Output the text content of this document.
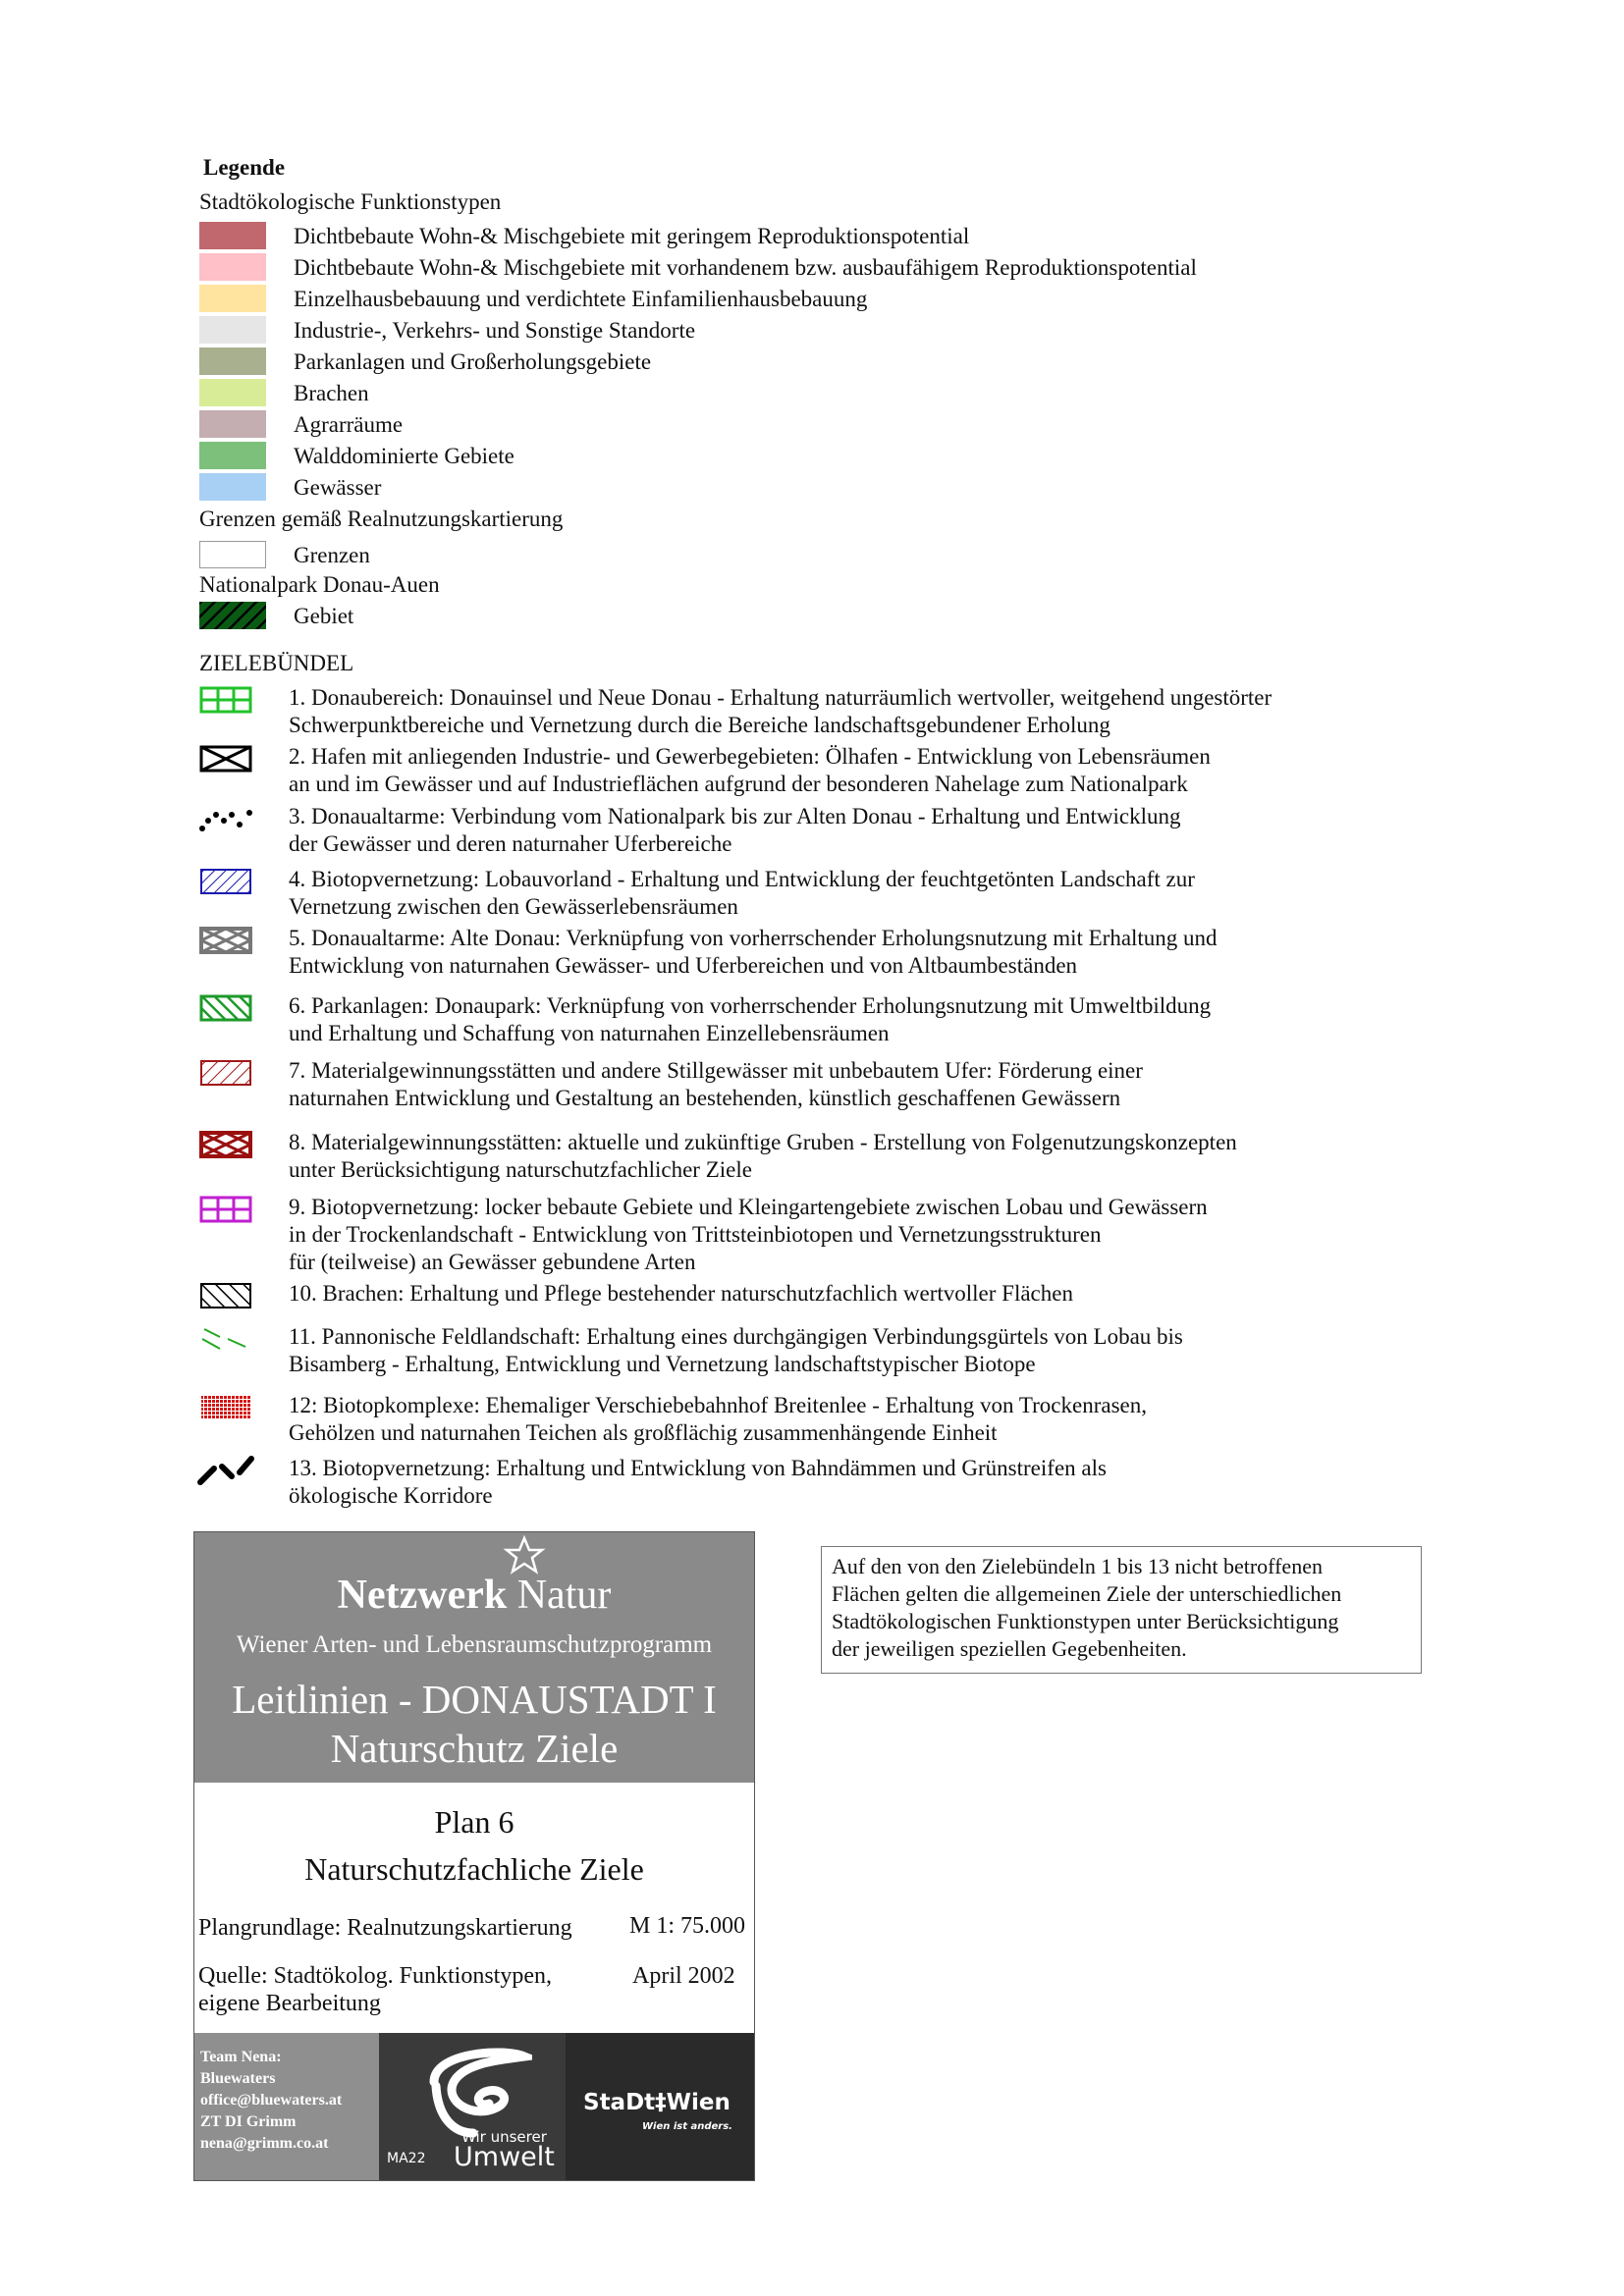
Legende
Stadtökologische Funktionstypen
Dichtbebaute Wohn-& Mischgebiete mit geringem Reproduktionspotential
Dichtbebaute Wohn-& Mischgebiete mit vorhandenem bzw. ausbaufähigem Reproduktionspotential
Einzelhausbebauung und verdichtete Einfamilienhausbebauung
Industrie-, Verkehrs- und Sonstige Standorte
Parkanlagen und Großerholungsgebiete
Brachen
Agrarräume
Walddominierte Gebiete
Gewässer
Grenzen gemäß Realnutzungskartierung
Grenzen
Nationalpark Donau-Auen
Gebiet
ZIELEBÜNDEL
1. Donaubereich: Donauinsel und Neue Donau - Erhaltung naturräumlich wertvoller, weitgehend ungestörter
Schwerpunktbereiche und Vernetzung durch die Bereiche landschaftsgebundener Erholung
2. Hafen mit anliegenden Industrie- und Gewerbegebieten: Ölhafen - Entwicklung von Lebensräumen
an und im Gewässer und auf Industrieflächen aufgrund der besonderen Nahelage zum Nationalpark
3. Donaualtarme: Verbindung vom Nationalpark bis zur Alten Donau - Erhaltung und Entwicklung
der Gewässer und deren naturnaher Uferbereiche
4. Biotopvernetzung: Lobauvorland - Erhaltung und Entwicklung der feuchtgetönten Landschaft zur
Vernetzung zwischen den Gewässerlebensräumen
5. Donaualtarme: Alte Donau: Verknüpfung von vorherrschender Erholungsnutzung mit Erhaltung und
Entwicklung von naturnahen Gewässer- und Uferbereichen und von Altbaumbeständen
6. Parkanlagen: Donaupark: Verknüpfung von vorherrschender Erholungsnutzung mit Umweltbildung
und Erhaltung und Schaffung von naturnahen Einzellebensräumen
7. Materialgewinnungsstätten und andere Stillgewässer mit unbebautem Ufer: Förderung einer
naturnahen Entwicklung und Gestaltung an bestehenden, künstlich geschaffenen Gewässern
8. Materialgewinnungsstätten: aktuelle und zukünftige Gruben - Erstellung von Folgenutzungskonzepten
unter Berücksichtigung naturschutzfachlicher Ziele
9. Biotopvernetzung: locker bebaute Gebiete und Kleingartengebiete zwischen Lobau und Gewässern
in der Trockenlandschaft - Entwicklung von Trittsteinbiotopen und Vernetzungsstrukturen
für (teilweise) an Gewässer gebundene Arten
10. Brachen: Erhaltung und Pflege bestehender naturschutzfachlich wertvoller Flächen
11. Pannonische Feldlandschaft: Erhaltung eines durchgängigen Verbindungsgürtels von Lobau bis
Bisamberg - Erhaltung, Entwicklung und Vernetzung landschaftstypischer Biotope
12: Biotopkomplexe: Ehemaliger Verschiebebahnhof Breitenlee - Erhaltung von Trockenrasen,
Gehölzen und naturnahen Teichen als großflächig zusammenhängende Einheit
13. Biotopvernetzung: Erhaltung und Entwicklung von Bahndämmen und Grünstreifen als
ökologische Korridore
Netzwerk Natur
Wiener Arten- und Lebensraumschutzprogramm
Leitlinien - DONAUSTADT I
Naturschutz Ziele
Plan 6
Naturschutzfachliche Ziele
Plangrundlage: Realnutzungskartierung M 1: 75.000
Quelle: Stadtökolog. Funktionstypen,
eigene Bearbeitung
April 2002
Team Nena:
Bluewaters
office@bluewaters.at
ZT DI Grimm
nena@grimm.co.at
MA22
Wir unserer
Umwelt
StaDt‡Wien
Wien ist anders.
Auf den von den Zielebündeln 1 bis 13 nicht betroffenen
Flächen gelten die allgemeinen Ziele der unterschiedlichen
Stadtökologischen Funktionstypen unter Berücksichtigung
der jeweiligen speziellen Gegebenheiten.
